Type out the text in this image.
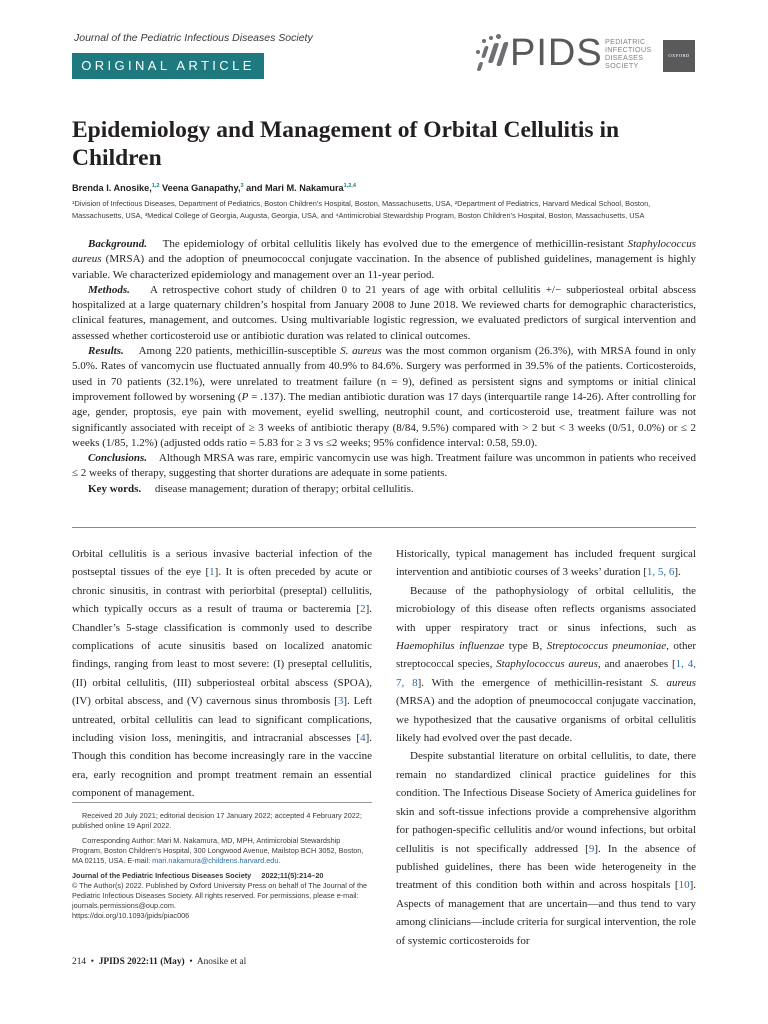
Journal of the Pediatric Infectious Diseases Society
ORIGINAL ARTICLE	PIDS PEDIATRIC
INFECTIOUS
DISEASES
SOCIETY
OXFORD
Epidemiology and Management of Orbital Cellulitis in Children
Brenda I. Anosike,$^{1,2}$ Veena Ganapathy,$^3$ and Mari M. Nakamura$^{1,2,4}$
¹Division of Infectious Diseases, Department of Pediatrics, Boston Children’s Hospital, Boston, Massachusetts, USA, ²Department of Pediatrics, Harvard Medical School, Boston, Massachusetts, USA, ³Medical College of Georgia, Augusta, Georgia, USA, and ⁴Antimicrobial Stewardship Program, Boston Children’s Hospital, Boston, Massachusetts, USA

Background. The epidemiology of orbital cellulitis likely has evolved due to the emergence of methicillin-resistant Staphylococcus aureus (MRSA) and the adoption of pneumococcal conjugate vaccination. In the absence of published guidelines, management is highly variable. We characterized epidemiology and management over an 11-year period.

Methods. A retrospective cohort study of children 0 to 21 years of age with orbital cellulitis +/− subperiosteal orbital abscess hospitalized at a large quaternary children’s hospital from January 2008 to June 2018. We reviewed charts for demographic characteristics, clinical features, management, and outcomes. Using multivariable logistic regression, we evaluated predictors of surgical intervention and assessed whether corticosteroid use or antibiotic duration was related to clinical outcomes.

Results. Among 220 patients, methicillin-susceptible S. aureus was the most common organism (26.3%), with MRSA found in only 5.0%. Rates of vancomycin use fluctuated annually from 40.9% to 84.6%. Surgery was performed in 39.5% of the patients. Corticosteroids, used in 70 patients (32.1%), were unrelated to treatment failure (n = 9), defined as persistent signs and symptoms or initial clinical improvement followed by worsening (P = .137). The median antibiotic duration was 17 days (interquartile range 14-26). After controlling for age, gender, proptosis, eye pain with movement, eyelid swelling, neutrophil count, and corticosteroid use, treatment failure was not significantly associated with receipt of ≥ 3 weeks of antibiotic therapy (8/84, 9.5%) compared with > 2 but < 3 weeks (0/51, 0.0%) or ≤ 2 weeks (1/85, 1.2%) (adjusted odds ratio = 5.83 for ≥ 3 vs ≤2 weeks; 95% confidence interval: 0.58, 59.0).

Conclusions. Although MRSA was rare, empiric vancomycin use was high. Treatment failure was uncommon in patients who received ≤ 2 weeks of therapy, suggesting that shorter durations are adequate in some patients.

Key words. disease management; duration of therapy; orbital cellulitis.

Orbital cellulitis is a serious invasive bacterial infection of the postseptal tissues of the eye [1]. It is often preceded by acute or chronic sinusitis, in contrast with periorbital (preseptal) cellulitis, which typically occurs as a result of trauma or bacteremia [2]. Chandler’s 5-stage classification is commonly used to describe complications of acute sinusitis based on localized anatomic findings, ranging from least to most severe: (I) preseptal cellulitis, (II) orbital cellulitis, (III) subperiosteal orbital abscess (SPOA), (IV) orbital abscess, and (V) cavernous sinus thrombosis [3]. Left untreated, orbital cellulitis can lead to significant complications, including vision loss, meningitis, and intracranial abscesses [4]. Though this condition has become increasingly rare in the vaccine era, early recognition and prompt treatment remain an essential component of management.

Historically, typical management has included frequent surgical intervention and antibiotic courses of 3 weeks’ duration [1, 5, 6].

Because of the pathophysiology of orbital cellulitis, the microbiology of this disease often reflects organisms associated with upper respiratory tract or sinus infections, such as Haemophilus influenzae type B, Streptococcus pneumoniae, other streptococcal species, Staphylococcus aureus, and anaerobes [1, 4, 7, 8]. With the emergence of methicillin-resistant S. aureus (MRSA) and the adoption of pneumococcal conjugate vaccination, we hypothesized that the causative organisms of orbital cellulitis likely had evolved over the past decade.

Despite substantial literature on orbital cellulitis, to date, there remain no standardized clinical practice guidelines for this condition. The Infectious Disease Society of America guidelines for skin and soft-tissue infections provide a comprehensive algorithm for pathogen-specific cellulitis and/or wound infections, but orbital cellulitis is not specifically addressed [9]. In the absence of published guidelines, there has been wide heterogeneity in the treatment of this condition both within and across hospitals [10]. Aspects of management that are uncertain—and thus tend to vary among clinicians—include criteria for surgical intervention, the role of systemic corticosteroids for

Received 20 July 2021; editorial decision 17 January 2022; accepted 4 February 2022; published online 19 April 2022.

Corresponding Author: Mari M. Nakamura, MD, MPH, Antimicrobial Stewardship Program, Boston Children’s Hospital, 300 Longwood Avenue, Mailstop BCH 3052, Boston, MA 02115, USA. E-mail: mari.nakamura@childrens.harvard.edu.

Journal of the Pediatric Infectious Diseases Society     2022;11(5):214–20
© The Author(s) 2022. Published by Oxford University Press on behalf of The Journal of the Pediatric Infectious Diseases Society. All rights reserved. For permissions, please e-mail: journals.permissions@oup.com.
https://doi.org/10.1093/jpids/piac006

214  •  JPIDS 2022:11 (May)  •  Anosike et al
